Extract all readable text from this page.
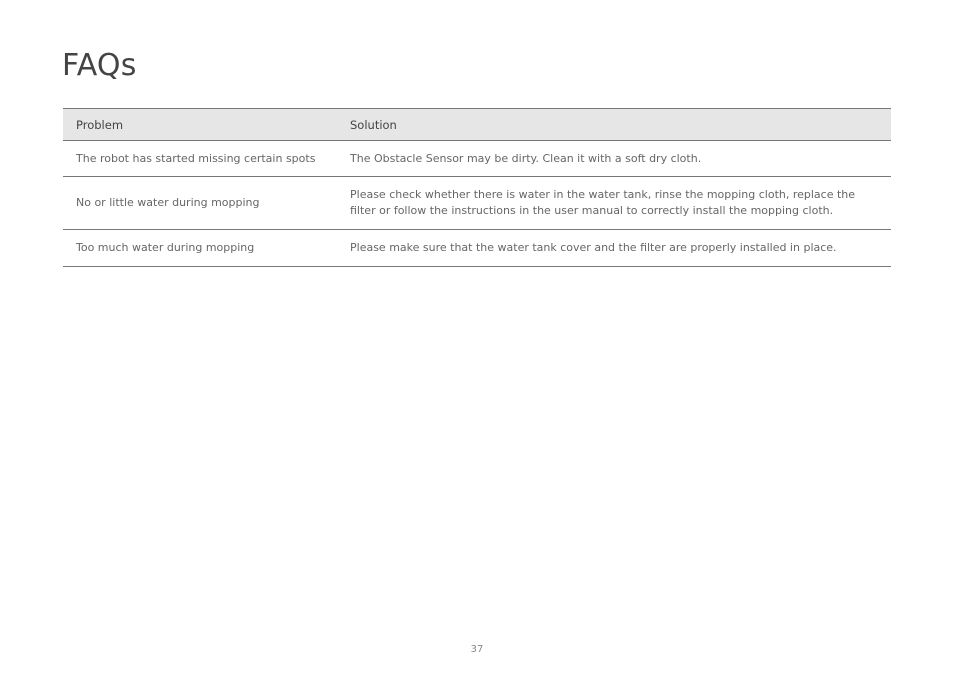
FAQs
Problem	Solution
The robot has started missing certain spots	The Obstacle Sensor may be dirty. Clean it with a soft dry cloth.
No or little water during mopping	Please check whether there is water in the water tank, rinse the mopping cloth, replace the filter or follow the instructions in the user manual to correctly install the mopping cloth.
Too much water during mopping	Please make sure that the water tank cover and the filter are properly installed in place.
37
